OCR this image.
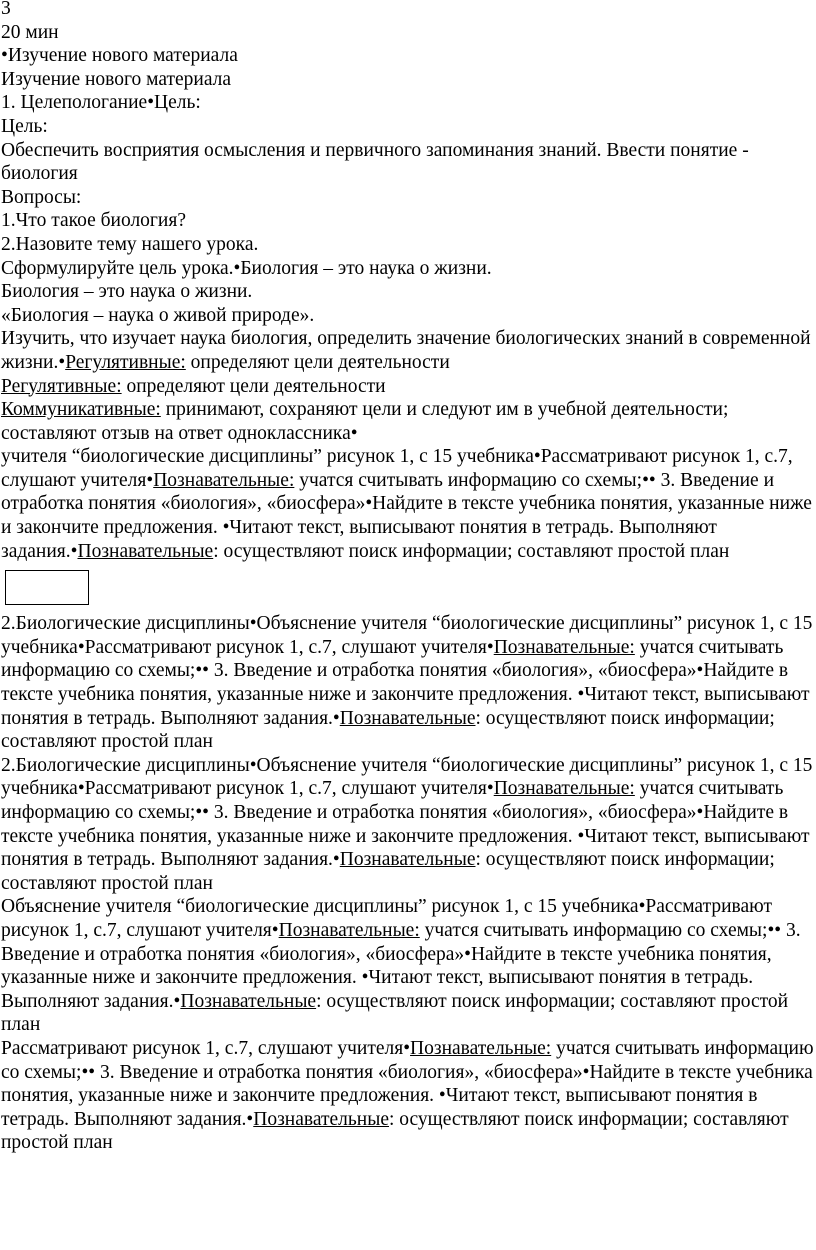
3
20 мин
•Изучение нового материала
Изучение нового материала
1. Целепологание•Цель:
Цель:
Обеспечить восприятия осмысления и первичного запоминания знаний. Ввести понятие - биология
Вопросы:
1.Что такое биология?
2.Назовите тему нашего урока.
Сформулируйте цель урока.•Биология – это наука о жизни.
Биология – это наука о жизни.
«Биология – наука о живой природе».
Изучить, что изучает наука биология, определить значение биологических знаний в современной жизни.•Регулятивные: определяют цели деятельности
Регулятивные: определяют цели деятельности
Коммуникативные: принимают, сохраняют цели и следуют им в учебной деятельности; составляют отзыв на ответ одноклассника•
учителя “биологические дисциплины” рисунок 1, с 15 учебника•Рассматривают рисунок 1, с.7, слушают учителя•Познавательные: учатся считывать информацию со схемы;•• 3. Введение и отработка понятия «биология», «биосфера»•Найдите в тексте учебника понятия, указанные ниже и закончите предложения. •Читают текст, выписывают понятия в тетрадь. Выполняют задания.•Познавательные: осуществляют поиск информации; составляют простой план
2.Биологические дисциплины•Объяснение учителя “биологические дисциплины” рисунок 1, с 15 учебника•Рассматривают рисунок 1, с.7, слушают учителя•Познавательные: учатся считывать информацию со схемы;•• 3. Введение и отработка понятия «биология», «биосфера»•Найдите в тексте учебника понятия, указанные ниже и закончите предложения. •Читают текст, выписывают понятия в тетрадь. Выполняют задания.•Познавательные: осуществляют поиск информации; составляют простой план
2.Биологические дисциплины•Объяснение учителя “биологические дисциплины” рисунок 1, с 15 учебника•Рассматривают рисунок 1, с.7, слушают учителя•Познавательные: учатся считывать информацию со схемы;•• 3. Введение и отработка понятия «биология», «биосфера»•Найдите в тексте учебника понятия, указанные ниже и закончите предложения. •Читают текст, выписывают понятия в тетрадь. Выполняют задания.•Познавательные: осуществляют поиск информации; составляют простой план
Объяснение учителя “биологические дисциплины” рисунок 1, с 15 учебника•Рассматривают рисунок 1, с.7, слушают учителя•Познавательные: учатся считывать информацию со схемы;•• 3. Введение и отработка понятия «биология», «биосфера»•Найдите в тексте учебника понятия, указанные ниже и закончите предложения. •Читают текст, выписывают понятия в тетрадь. Выполняют задания.•Познавательные: осуществляют поиск информации; составляют простой план
Рассматривают рисунок 1, с.7, слушают учителя•Познавательные: учатся считывать информацию со схемы;•• 3. Введение и отработка понятия «биология», «биосфера»•Найдите в тексте учебника понятия, указанные ниже и закончите предложения. •Читают текст, выписывают понятия в тетрадь. Выполняют задания.•Познавательные: осуществляют поиск информации; составляют простой план
